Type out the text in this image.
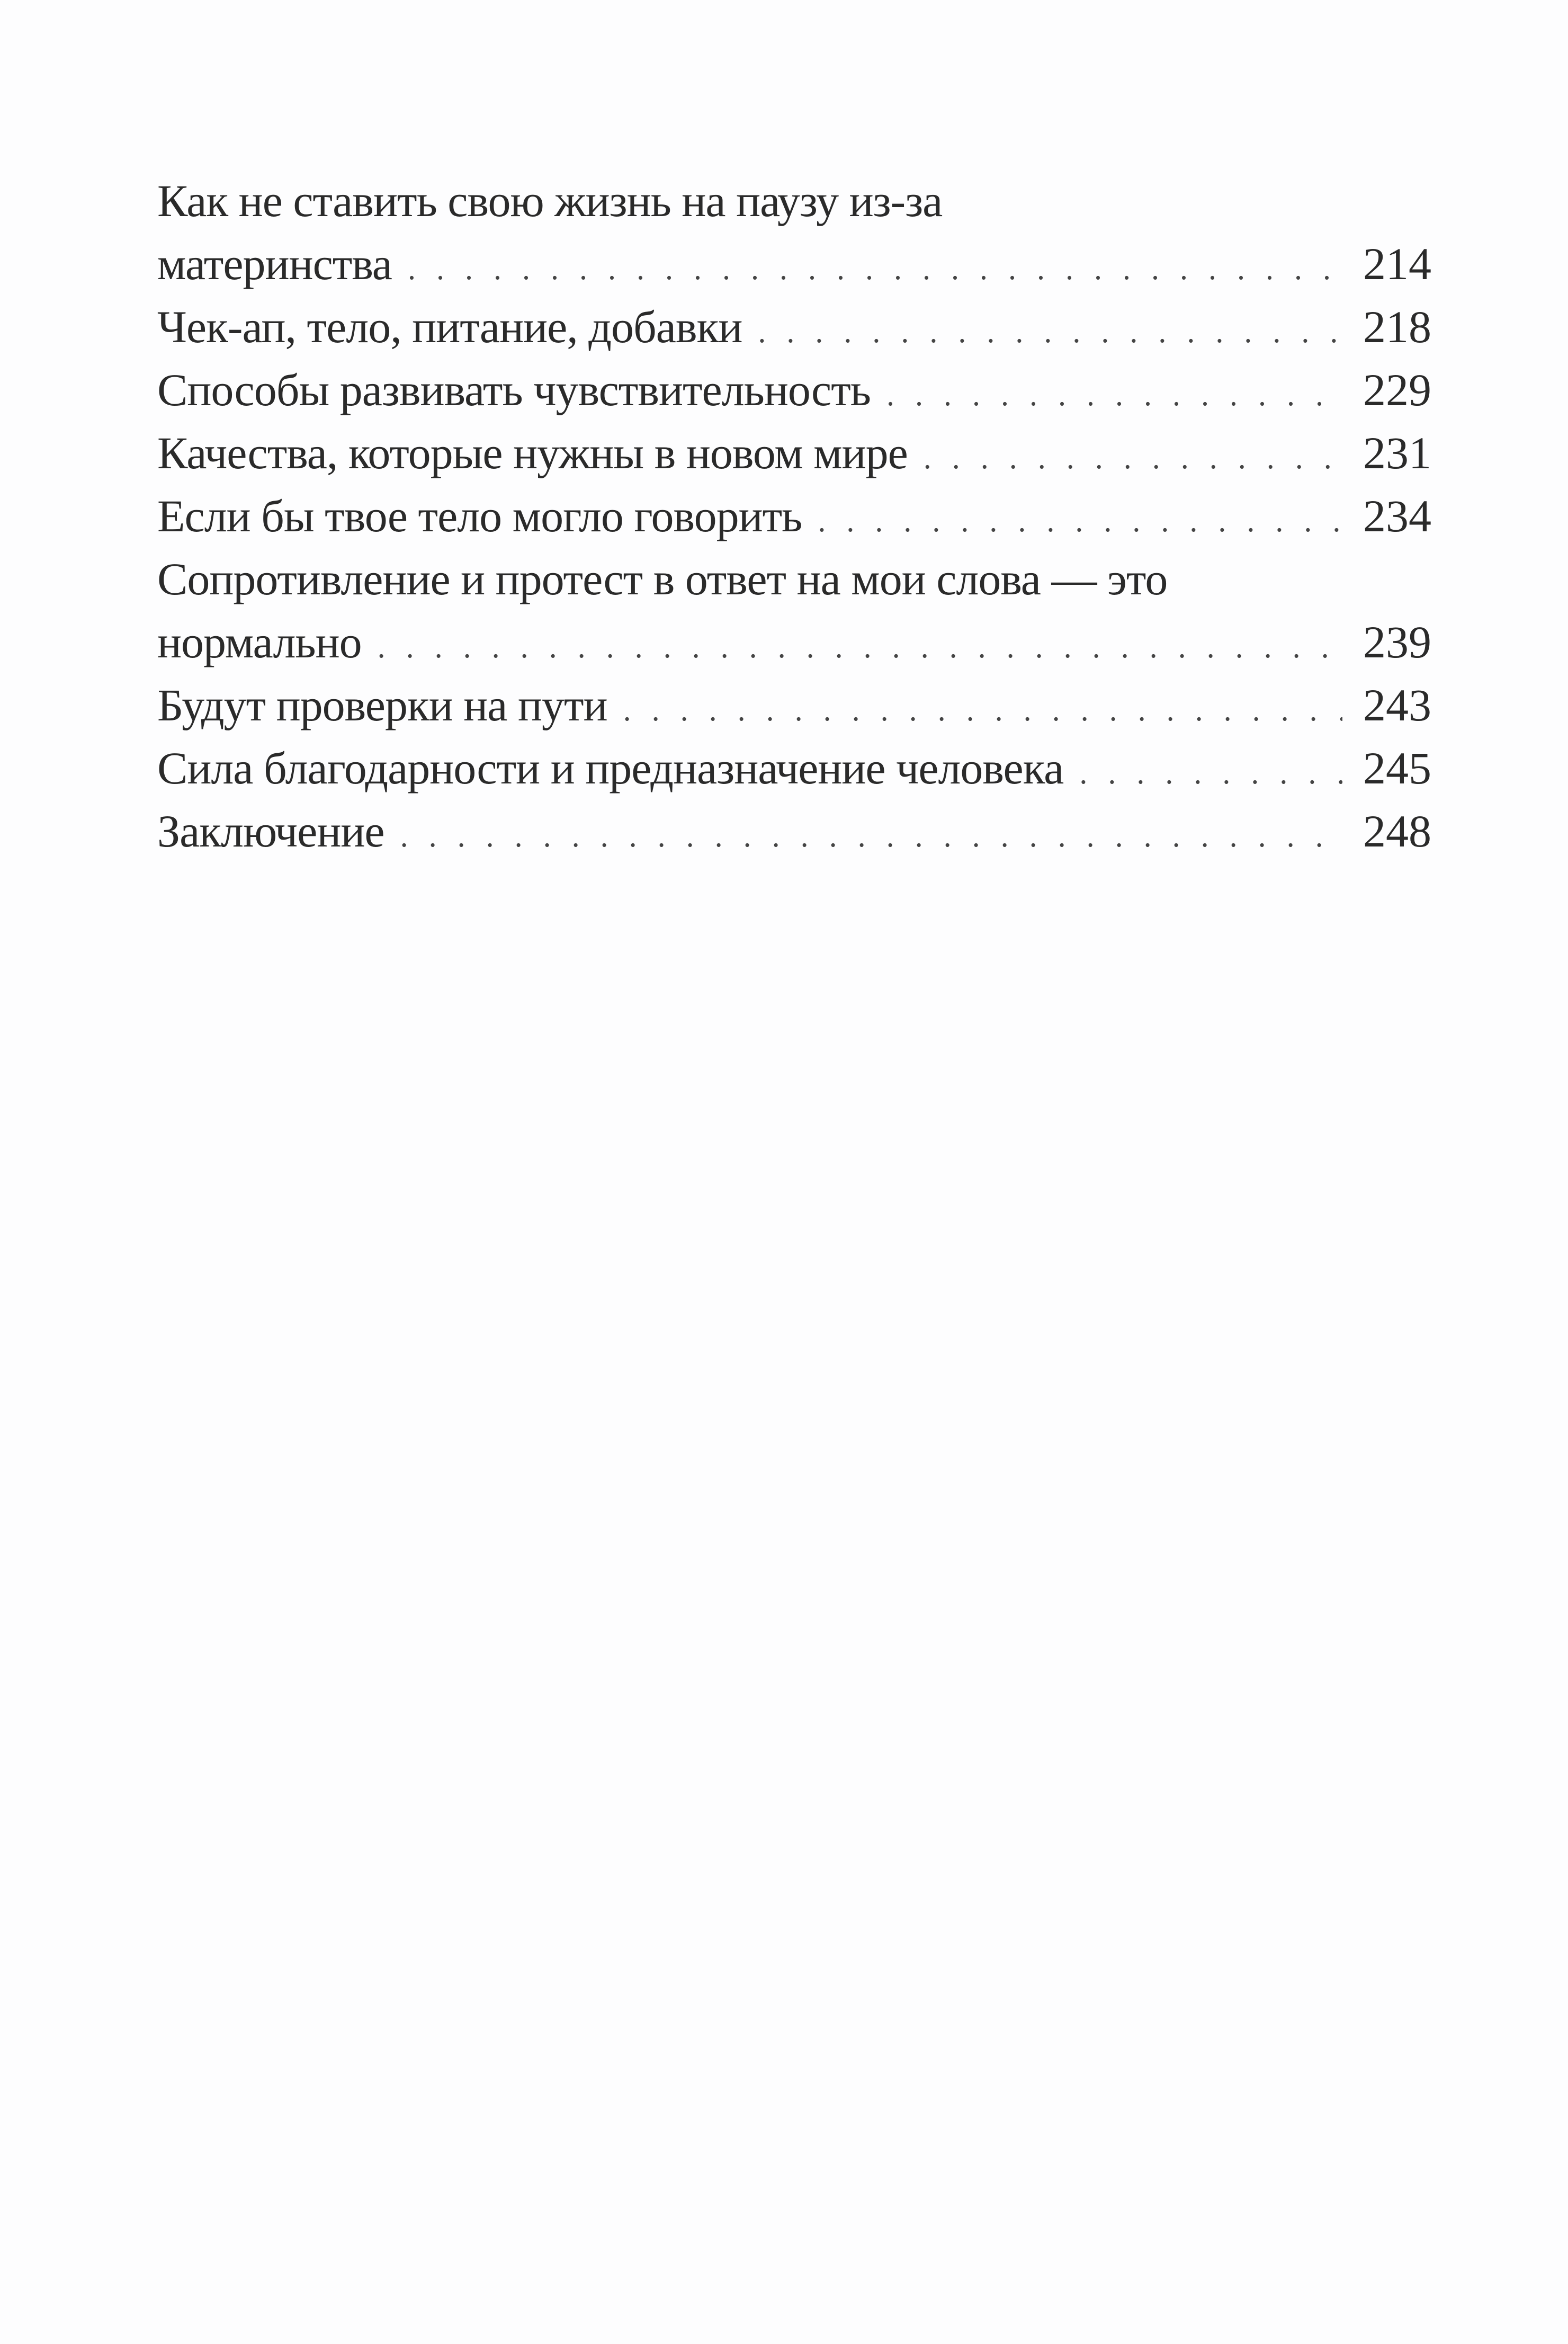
Как не ставить свою жизнь на паузу из-за
материнства . . .	214
Чек-ап, тело, питание, добавки . . .	218
Способы развивать чувствительность . . .	229
Качества, которые нужны в новом мире . . .	231
Если бы твое тело могло говорить . . .	234
Сопротивление и протест в ответ на мои слова — это
нормально . . .	239
Будут проверки на пути . . .	243
Сила благодарности и предназначение человека . . .	245
Заключение . . .	248
